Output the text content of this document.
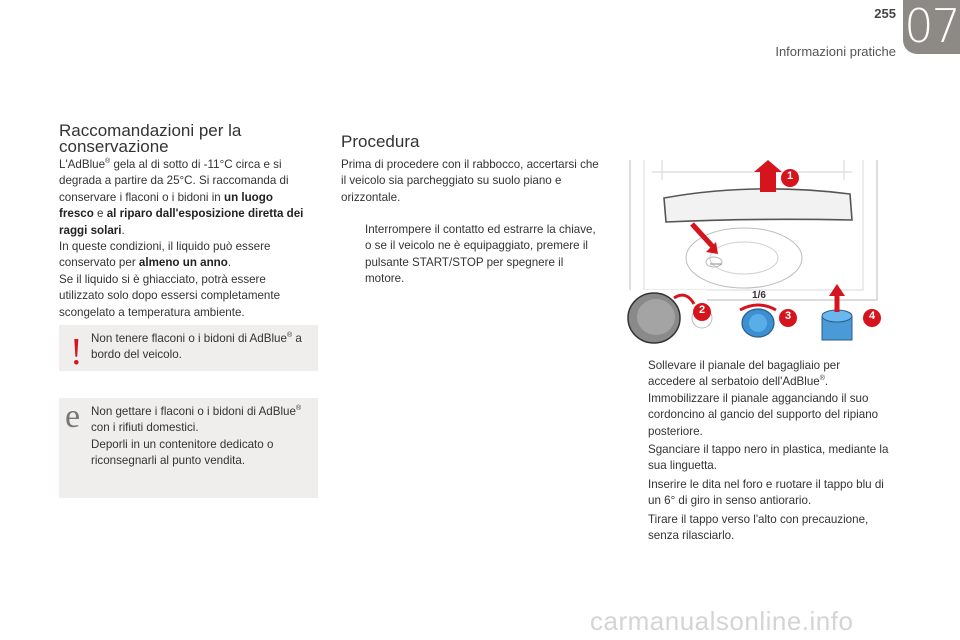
255
Informazioni pratiche 07
Raccomandazioni per la conservazione

L'AdBlue® gela al di sotto di -11°C circa e si degrada a partire da 25°C. Si raccomanda di conservare i flaconi o i bidoni in un luogo fresco e al riparo dall'esposizione diretta dei raggi solari.

In queste condizioni, il liquido può essere conservato per almeno un anno.

Se il liquido si è ghiacciato, potrà essere utilizzato solo dopo essersi completamente scongelato a temperatura ambiente.

! Non tenere flaconi o i bidoni di AdBlue® a bordo del veicolo.

e Non gettare i flaconi o i bidoni di AdBlue® con i rifiuti domestici.

Deporli in un contenitore dedicato o riconsegnarli al punto vendita.

Procedura

Prima di procedere con il rabbocco, accertarsi che il veicolo sia parcheggiato su suolo piano e orizzontale.

Interrompere il contatto ed estrarre la chiave, o se il veicolo ne è equipaggiato, premere il pulsante START/STOP per spegnere il motore.
1
2	3	4
1/6
Sollevare il pianale del bagagliaio per accedere al serbatoio dell'AdBlue®.
Immobilizzare il pianale agganciando il suo cordoncino al gancio del supporto del ripiano posteriore.
Sganciare il tappo nero in plastica, mediante la sua linguetta.
Inserire le dita nel foro e ruotare il tappo blu di un 6° di giro in senso antiorario.
Tirare il tappo verso l'alto con precauzione, senza rilasciarlo.
carmanualsonline.info
